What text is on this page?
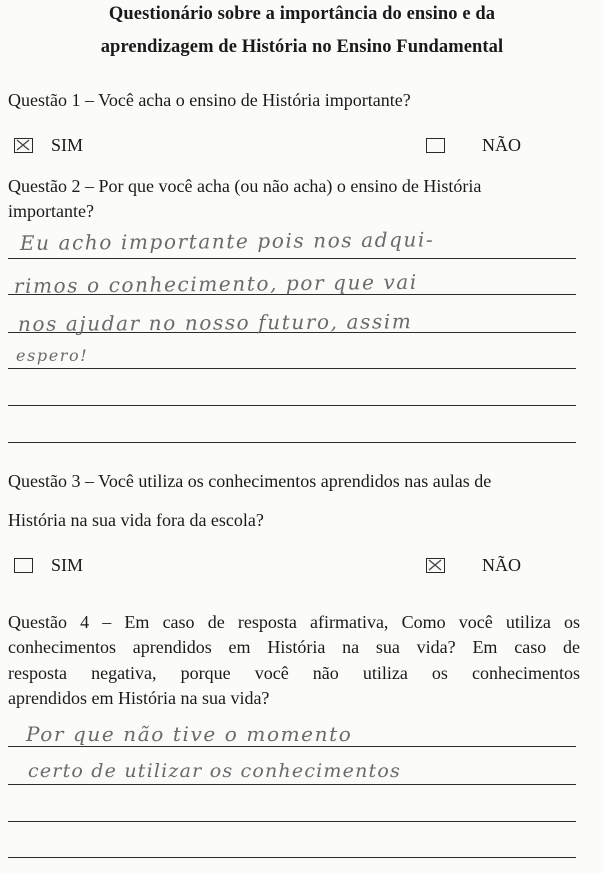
Questionário sobre a importância do ensino e da
aprendizagem de História no Ensino Fundamental
Questão 1 – Você acha o ensino de História importante?
SIM	NÃO
Questão 2 – Por que você acha (ou não acha) o ensino de História
importante?
Eu acho importante pois nos adqui-
rimos o conhecimento, por que vai
nos ajudar no nosso futuro, assim
espero!
Questão 3 – Você utiliza os conhecimentos aprendidos nas aulas de
História na sua vida fora da escola?
SIM	NÃO
Questão 4 – Em caso de resposta afirmativa, Como você utiliza os
conhecimentos aprendidos em História na sua vida? Em caso de
resposta negativa, porque você não utiliza os conhecimentos
aprendidos em História na sua vida?
Por que não tive o momento
certo de utilizar os conhecimentos
